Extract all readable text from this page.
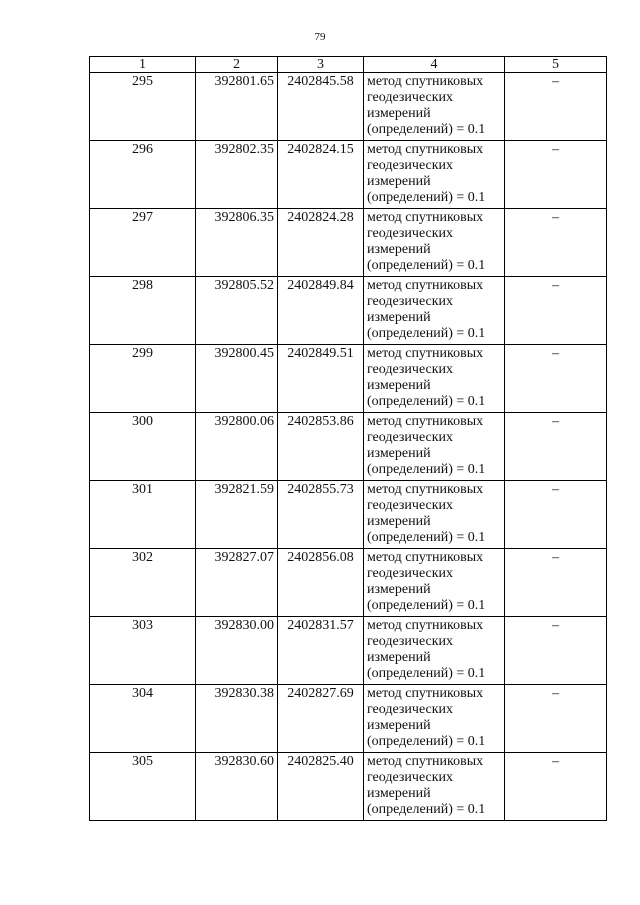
79
1	2	3	4	5
295	392801.65	2402845.58	метод спутниковых геодезических измерений (определений) = 0.1	–
296	392802.35	2402824.15	метод спутниковых геодезических измерений (определений) = 0.1	–
297	392806.35	2402824.28	метод спутниковых геодезических измерений (определений) = 0.1	–
298	392805.52	2402849.84	метод спутниковых геодезических измерений (определений) = 0.1	–
299	392800.45	2402849.51	метод спутниковых геодезических измерений (определений) = 0.1	–
300	392800.06	2402853.86	метод спутниковых геодезических измерений (определений) = 0.1	–
301	392821.59	2402855.73	метод спутниковых геодезических измерений (определений) = 0.1	–
302	392827.07	2402856.08	метод спутниковых геодезических измерений (определений) = 0.1	–
303	392830.00	2402831.57	метод спутниковых геодезических измерений (определений) = 0.1	–
304	392830.38	2402827.69	метод спутниковых геодезических измерений (определений) = 0.1	–
305	392830.60	2402825.40	метод спутниковых геодезических измерений (определений) = 0.1	–
